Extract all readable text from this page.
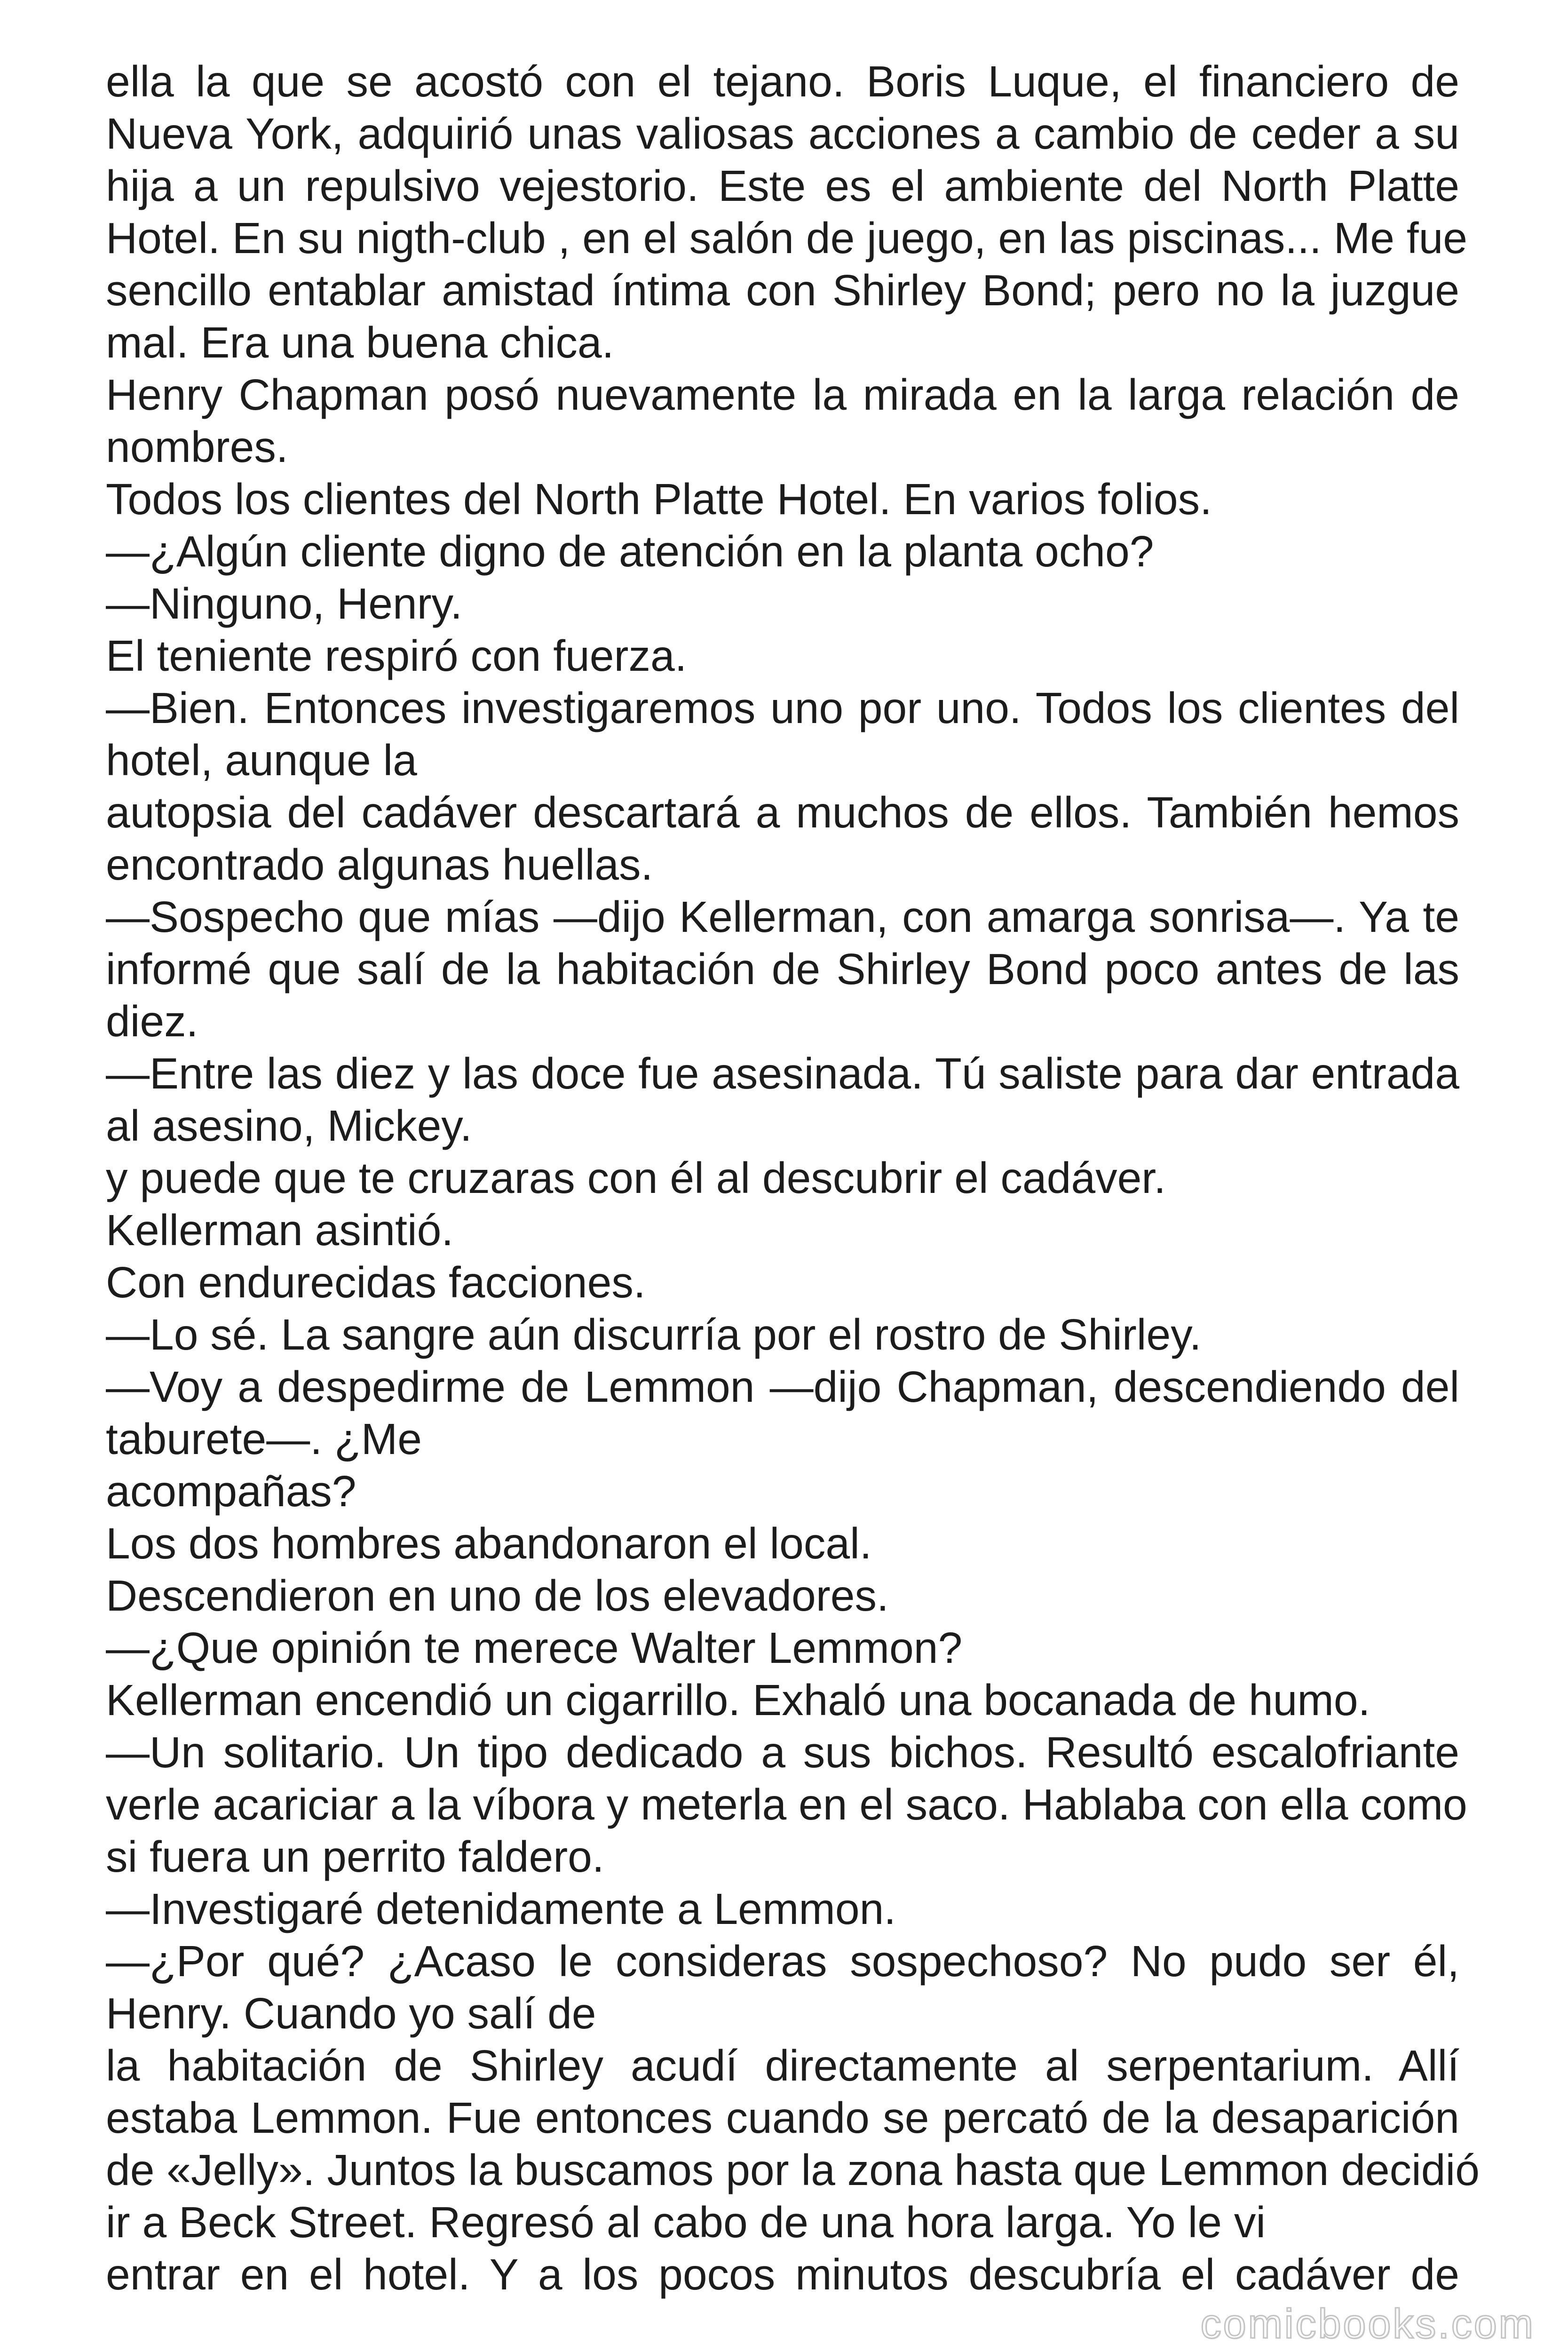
ella la que se acostó con el tejano. Boris Luque, el financiero de
Nueva York, adquirió unas valiosas acciones a cambio de ceder a su
hija a un repulsivo vejestorio. Este es el ambiente del North Platte
Hotel. En su nigth-club , en el salón de juego, en las piscinas... Me fue
sencillo entablar amistad íntima con Shirley Bond; pero no la juzgue
mal. Era una buena chica.
Henry Chapman posó nuevamente la mirada en la larga relación de
nombres.
Todos los clientes del North Platte Hotel. En varios folios.
—¿Algún cliente digno de atención en la planta ocho?
—Ninguno, Henry.
El teniente respiró con fuerza.
—Bien. Entonces investigaremos uno por uno. Todos los clientes del
hotel, aunque la
autopsia del cadáver descartará a muchos de ellos. También hemos
encontrado algunas huellas.
—Sospecho que mías —dijo Kellerman, con amarga sonrisa—. Ya te
informé que salí de la habitación de Shirley Bond poco antes de las
diez.
—Entre las diez y las doce fue asesinada. Tú saliste para dar entrada
al asesino, Mickey.
y puede que te cruzaras con él al descubrir el cadáver.
Kellerman asintió.
Con endurecidas facciones.
—Lo sé. La sangre aún discurría por el rostro de Shirley.
—Voy a despedirme de Lemmon —dijo Chapman, descendiendo del
taburete—. ¿Me
acompañas?
Los dos hombres abandonaron el local.
Descendieron en uno de los elevadores.
—¿Que opinión te merece Walter Lemmon?
Kellerman encendió un cigarrillo. Exhaló una bocanada de humo.
—Un solitario. Un tipo dedicado a sus bichos. Resultó escalofriante
verle acariciar a la víbora y meterla en el saco. Hablaba con ella como
si fuera un perrito faldero.
—Investigaré detenidamente a Lemmon.
—¿Por qué? ¿Acaso le consideras sospechoso? No pudo ser él,
Henry. Cuando yo salí de
la habitación de Shirley acudí directamente al serpentarium. Allí
estaba Lemmon. Fue entonces cuando se percató de la desaparición
de «Jelly». Juntos la buscamos por la zona hasta que Lemmon decidió
ir a Beck Street. Regresó al cabo de una hora larga. Yo le vi
entrar en el hotel. Y a los pocos minutos descubría el cadáver de
comicbooks.com
